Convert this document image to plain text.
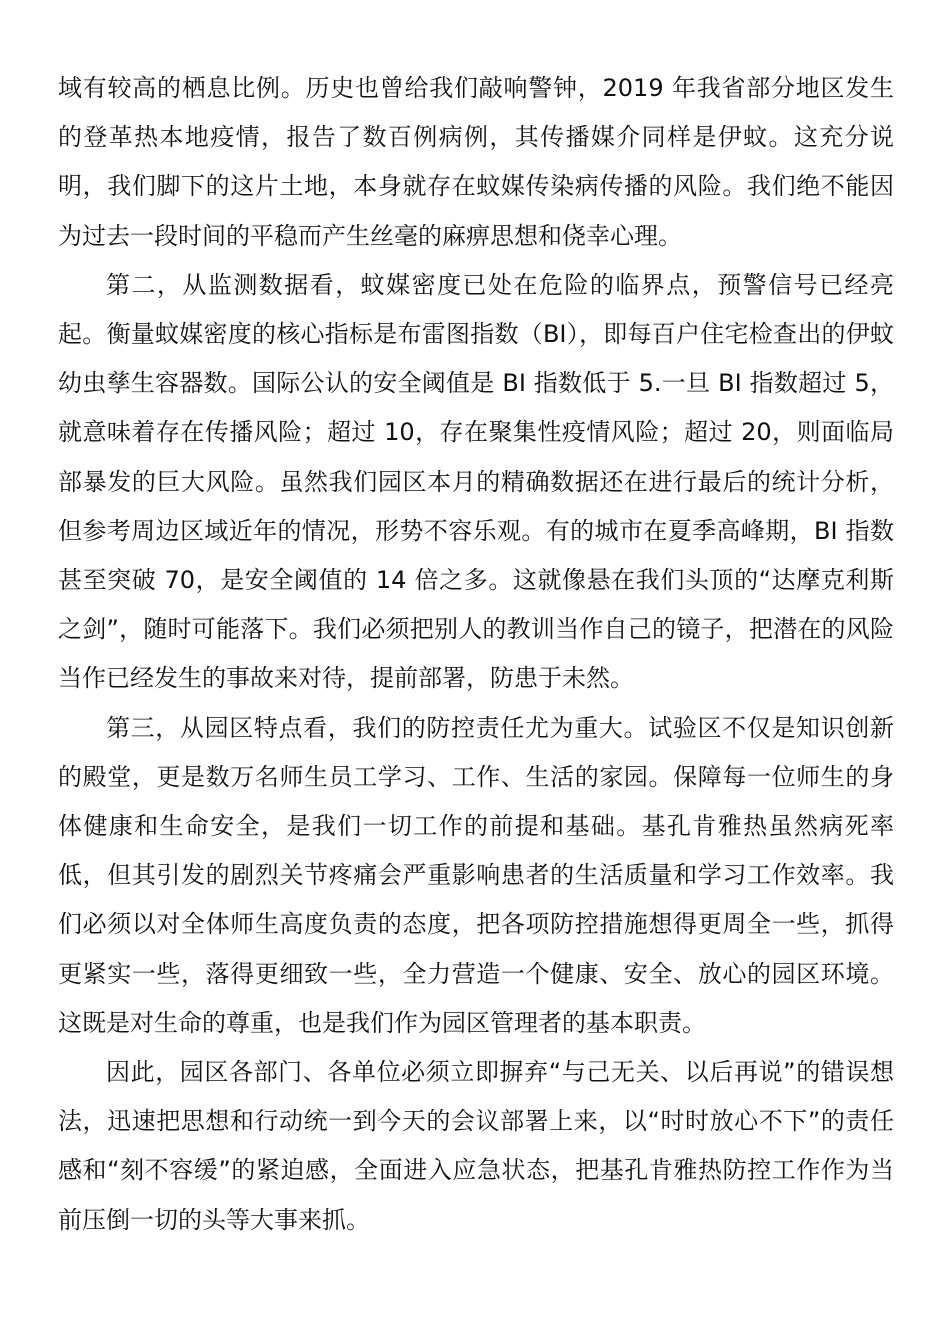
域有较高的栖息比例。历史也曾给我们敲响警钟，2019 年我省部分地区发生的登革热本地疫情，报告了数百例病例，其传播媒介同样是伊蚊。这充分说明，我们脚下的这片土地，本身就存在蚊媒传染病传播的风险。我们绝不能因为过去一段时间的平稳而产生丝毫的麻痹思想和侥幸心理。

第二，从监测数据看，蚊媒密度已处在危险的临界点，预警信号已经亮起。衡量蚊媒密度的核心指标是布雷图指数（BI），即每百户住宅检查出的伊蚊幼虫孳生容器数。国际公认的安全阈值是 BI 指数低于 5.一旦 BI 指数超过 5，就意味着存在传播风险；超过 10，存在聚集性疫情风险；超过 20，则面临局部暴发的巨大风险。虽然我们园区本月的精确数据还在进行最后的统计分析，但参考周边区域近年的情况，形势不容乐观。有的城市在夏季高峰期，BI 指数甚至突破 70，是安全阈值的 14 倍之多。这就像悬在我们头顶的“达摩克利斯之剑”，随时可能落下。我们必须把别人的教训当作自己的镜子，把潜在的风险当作已经发生的事故来对待，提前部署，防患于未然。

第三，从园区特点看，我们的防控责任尤为重大。试验区不仅是知识创新的殿堂，更是数万名师生员工学习、工作、生活的家园。保障每一位师生的身体健康和生命安全，是我们一切工作的前提和基础。基孔肯雅热虽然病死率低，但其引发的剧烈关节疼痛会严重影响患者的生活质量和学习工作效率。我们必须以对全体师生高度负责的态度，把各项防控措施想得更周全一些，抓得更紧实一些，落得更细致一些，全力营造一个健康、安全、放心的园区环境。这既是对生命的尊重，也是我们作为园区管理者的基本职责。

因此，园区各部门、各单位必须立即摒弃“与己无关、以后再说”的错误想法，迅速把思想和行动统一到今天的会议部署上来，以“时时放心不下”的责任感和“刻不容缓”的紧迫感，全面进入应急状态，把基孔肯雅热防控工作作为当前压倒一切的头等大事来抓。
